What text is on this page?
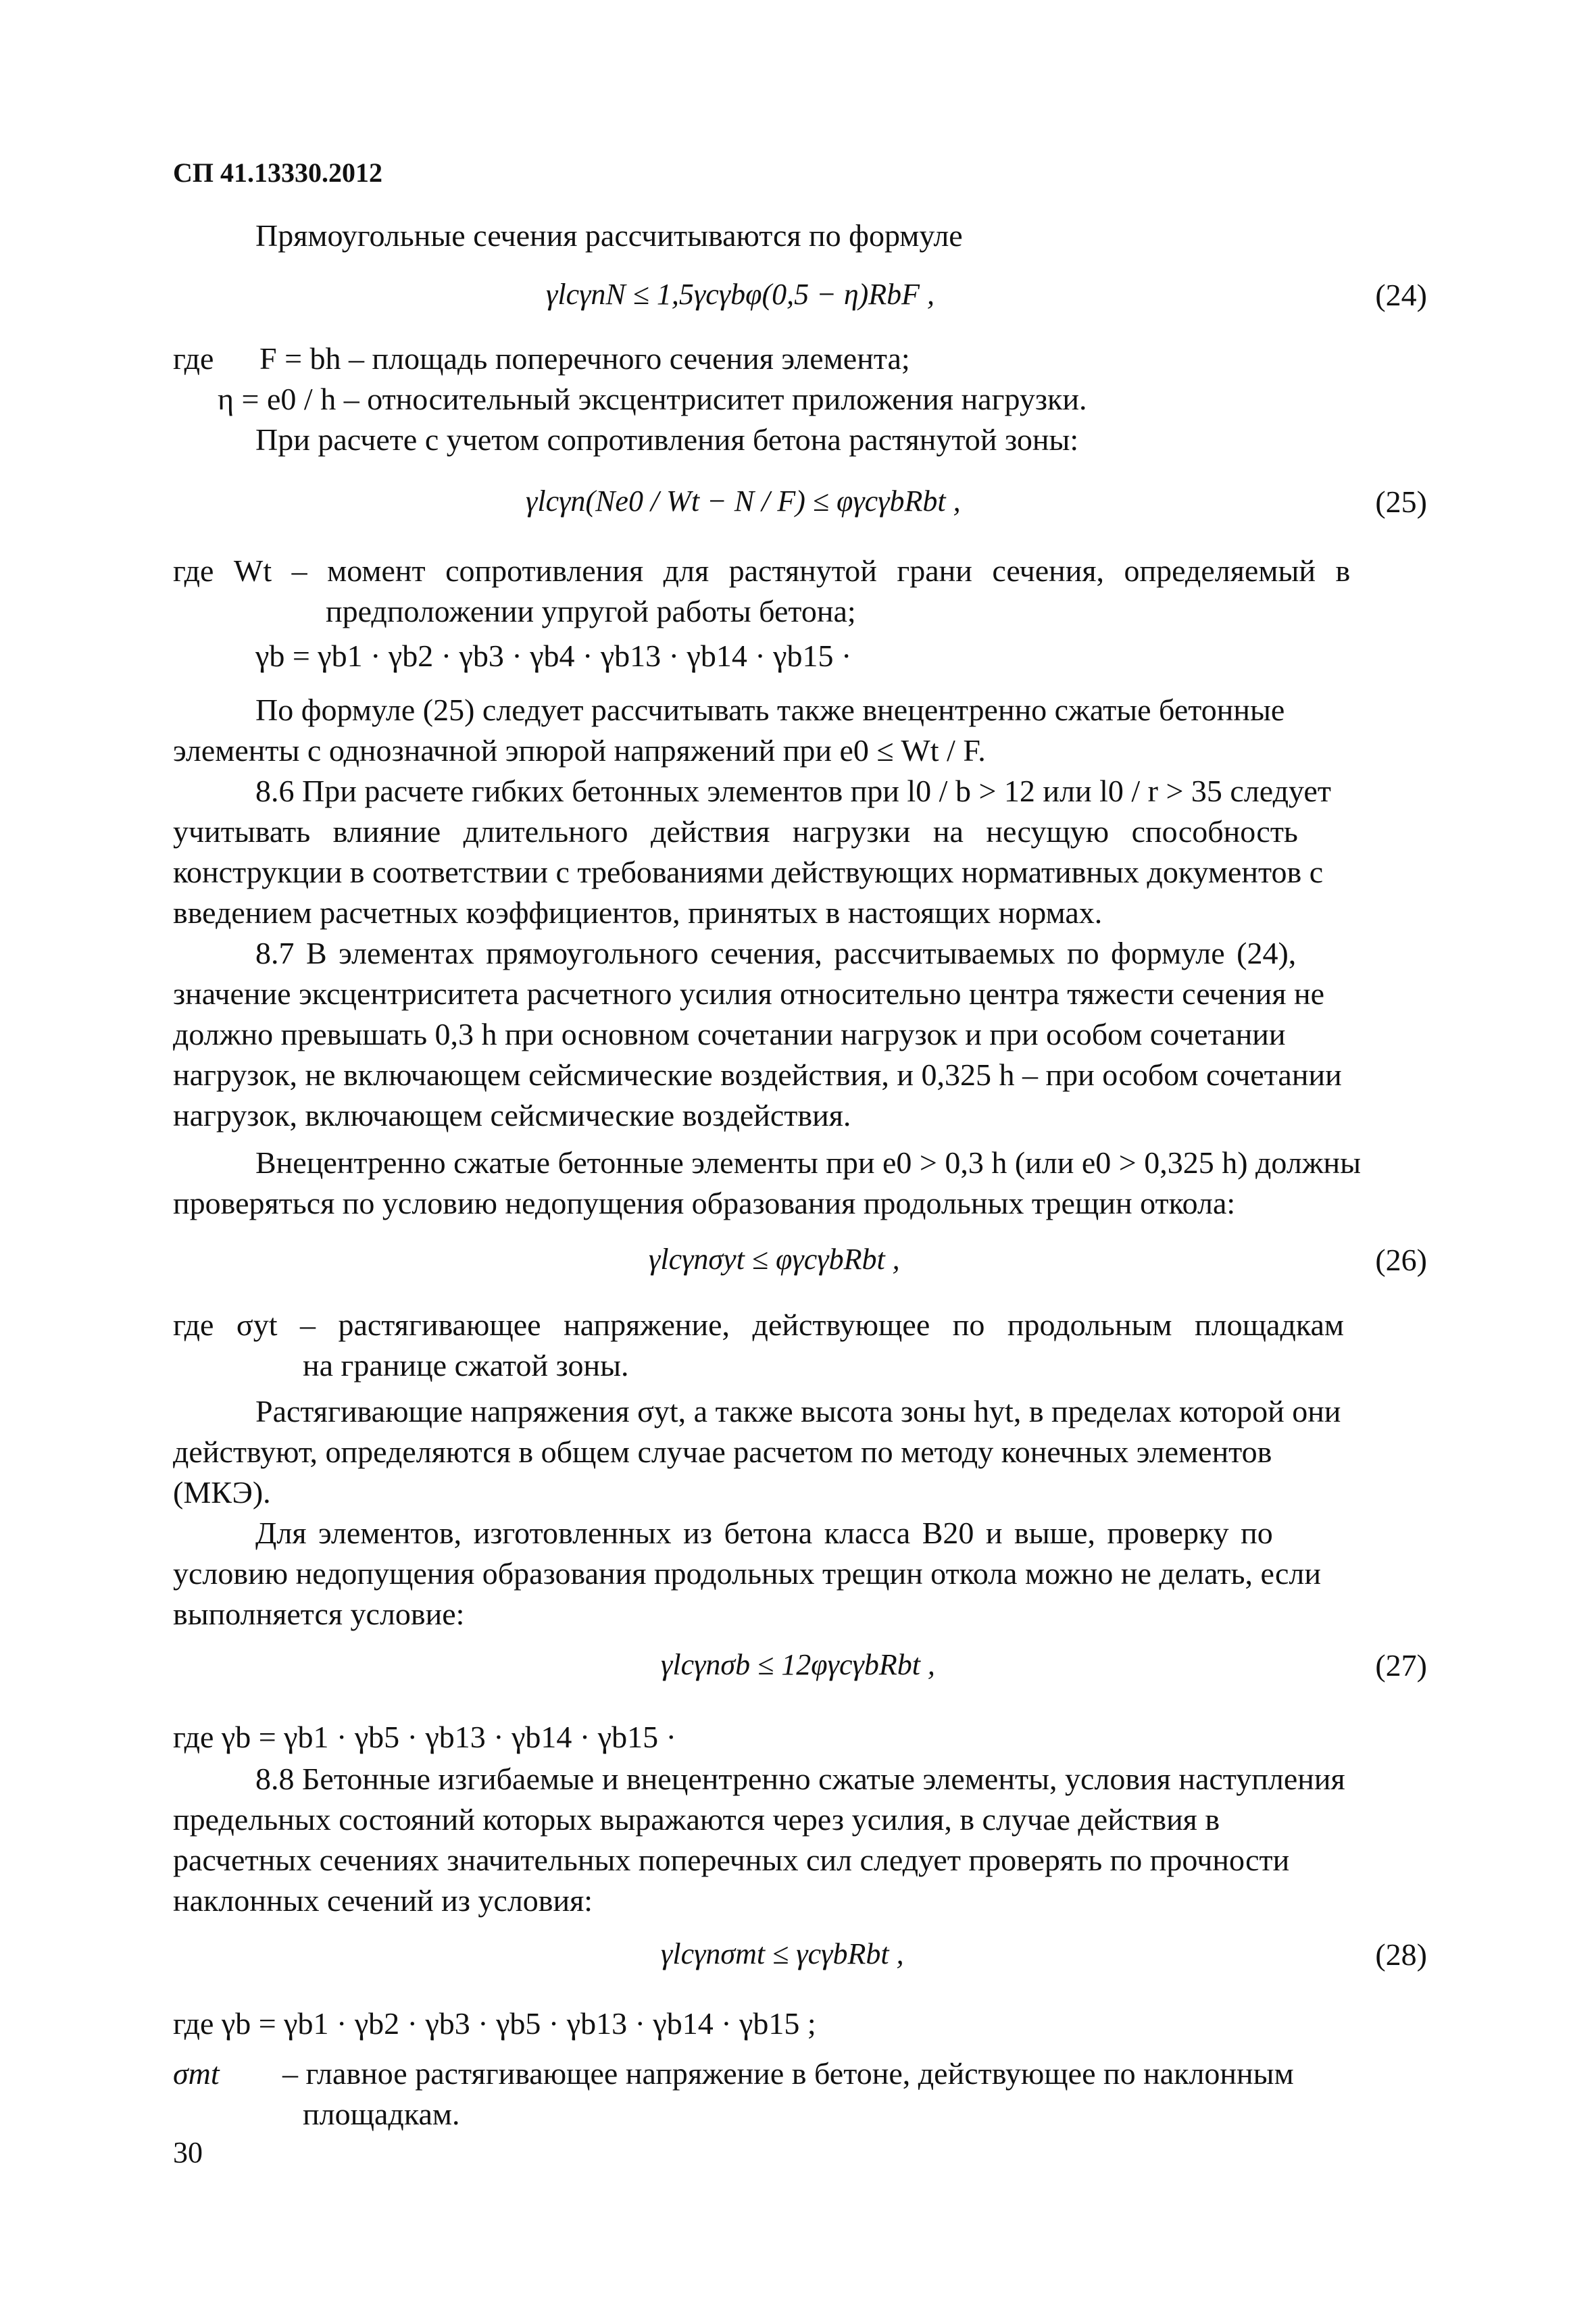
СП 41.13330.2012
Прямоугольные сечения рассчитываются по формуле
γlcγnN ≤ 1,5γcγbφ(0,5 − η)RbF ,	(24)
где F = bh – площадь поперечного сечения элемента;
η = e0 / h – относительный эксцентриситет приложения нагрузки.
При расчете с учетом сопротивления бетона растянутой зоны:
γlcγn(Ne0 / Wt − N / F) ≤ φγcγbRbt ,	(25)
где Wt – момент сопротивления для растянутой грани сечения, определяемый в
предположении упругой работы бетона;
γb = γb1 · γb2 · γb3 · γb4 · γb13 · γb14 · γb15 ·
По формуле (25) следует рассчитывать также внецентренно сжатые бетонные
элементы с однозначной эпюрой напряжений при e0 ≤ Wt / F.
8.6 При расчете гибких бетонных элементов при l0 / b > 12 или l0 / r > 35 следует
учитывать влияние длительного действия нагрузки на несущую способность
конструкции в соответствии с требованиями действующих нормативных документов с
введением расчетных коэффициентов, принятых в настоящих нормах.
8.7 В элементах прямоугольного сечения, рассчитываемых по формуле (24),
значение эксцентриситета расчетного усилия относительно центра тяжести сечения не
должно превышать 0,3 h при основном сочетании нагрузок и при особом сочетании
нагрузок, не включающем сейсмические воздействия, и 0,325 h – при особом сочетании
нагрузок, включающем сейсмические воздействия.
Внецентренно сжатые бетонные элементы при e0 > 0,3 h (или e0 > 0,325 h) должны
проверяться по условию недопущения образования продольных трещин откола:
γlcγnσyt ≤ φγcγbRbt ,	(26)
где σyt – растягивающее напряжение, действующее по продольным площадкам
на границе сжатой зоны.
Растягивающие напряжения σyt, а также высота зоны hyt, в пределах которой они
действуют, определяются в общем случае расчетом по методу конечных элементов
(МКЭ).
Для элементов, изготовленных из бетона класса В20 и выше, проверку по
условию недопущения образования продольных трещин откола можно не делать, если
выполняется условие:
γlcγnσb ≤ 12φγcγbRbt ,	(27)
где γb = γb1 · γb5 · γb13 · γb14 · γb15 ·
8.8 Бетонные изгибаемые и внецентренно сжатые элементы, условия наступления
предельных состояний которых выражаются через усилия, в случае действия в
расчетных сечениях значительных поперечных сил следует проверять по прочности
наклонных сечений из условия:
γlcγnσmt ≤ γcγbRbt ,	(28)
где γb = γb1 · γb2 · γb3 · γb5 · γb13 · γb14 · γb15 ;
σmt – главное растягивающее напряжение в бетоне, действующее по наклонным
площадкам.
30
